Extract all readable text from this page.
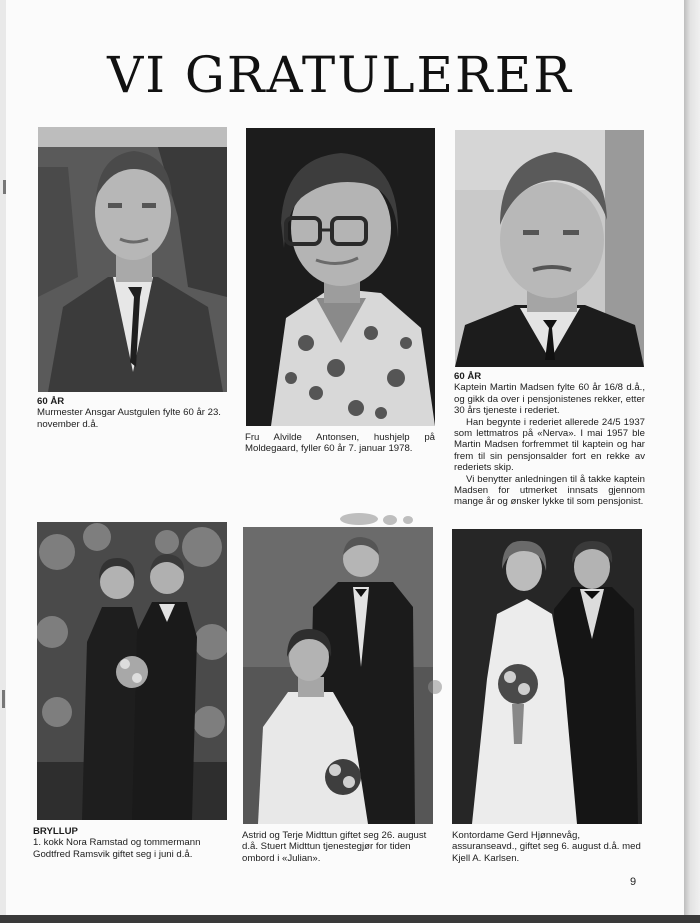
VI GRATULERER
60 ÅR

Murmester Ansgar Austgulen fylte 60 år 23. november d.å.

Fru Alvilde Antonsen, hushjelp på Moldegaard, fyller 60 år 7. januar 1978.

60 ÅR

Kaptein Martin Madsen fylte 60 år 16/8 d.å., og gikk da over i pensjonistenes rekker, etter 30 års tjeneste i rederiet.

Han begynte i rederiet allerede 24/5 1937 som lettmatros på «Nerva». I mai 1957 ble Martin Madsen forfremmet til kaptein og har frem til sin pensjonsalder fort en rekke av rederiets skip.

Vi benytter anledningen til å takke kaptein Madsen for utmerket innsats gjennom mange år og ønsker lykke til som pensjonist.

BRYLLUP

1. kokk Nora Ramstad og tommermann Godtfred Ramsvik giftet seg i juni d.å.

Astrid og Terje Midttun giftet seg 26. august d.å. Stuert Midttun tjenestegjør for tiden ombord i «Julian».

Kontordame Gerd Hjønnevåg, assuranseavd., giftet seg 6. august d.å. med Kjell A. Karlsen.

9
